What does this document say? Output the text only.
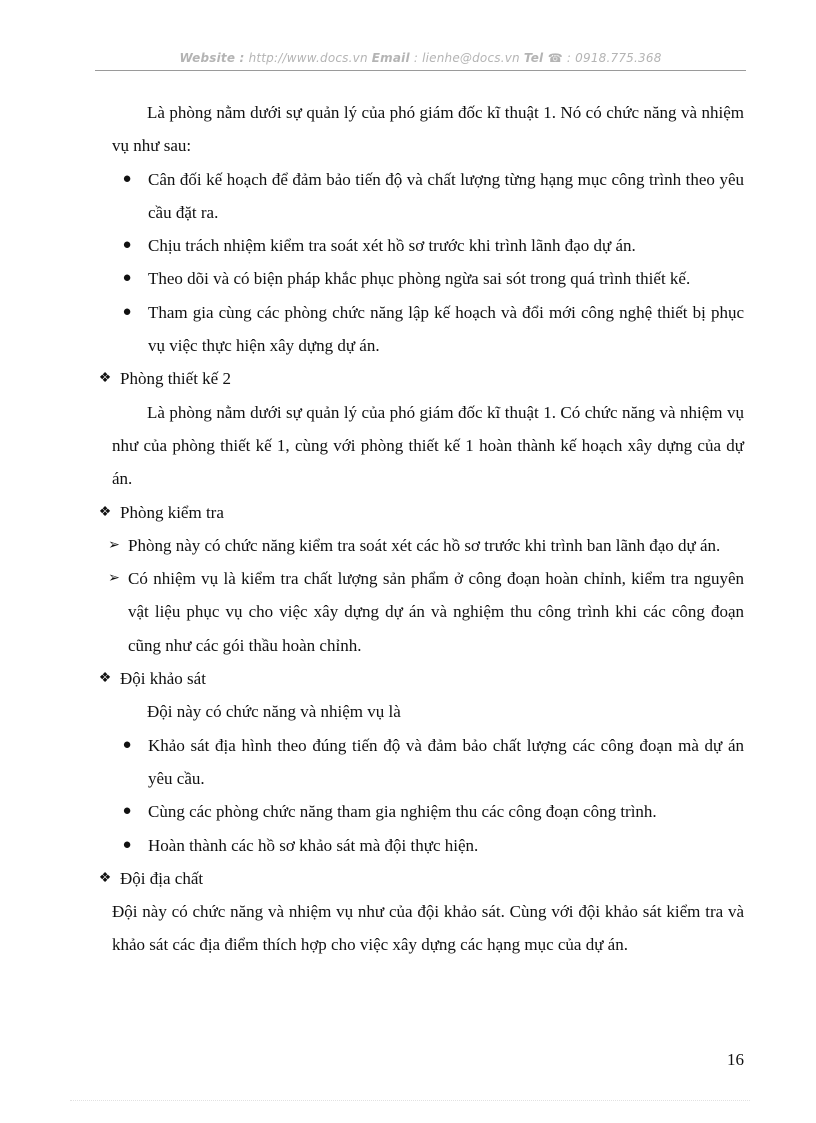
Website : http://www.docs.vn Email : lienhe@docs.vn Tel ☎ : 0918.775.368

Là phòng nằm dưới sự quản lý của phó giám đốc kĩ thuật 1. Nó có chức năng và nhiệm vụ như sau:

● Cân đối kế hoạch để đảm bảo tiến độ và chất lượng từng hạng mục công trình theo yêu cầu đặt ra.

● Chịu trách nhiệm kiểm tra soát xét hồ sơ trước khi trình lãnh đạo dự án.

● Theo dõi và có biện pháp khắc phục phòng ngừa sai sót trong quá trình thiết kế.

● Tham gia cùng các phòng chức năng lập kế hoạch và đổi mới công nghệ thiết bị phục vụ việc thực hiện xây dựng dự án.

❖ Phòng thiết kế 2

Là phòng nằm dưới sự quản lý của phó giám đốc kĩ thuật 1. Có chức năng và nhiệm vụ như của phòng thiết kế 1, cùng với phòng thiết kế 1 hoàn thành kế hoạch xây dựng của dự án.

❖ Phòng kiểm tra

➢ Phòng này có chức năng kiểm tra soát xét các hồ sơ trước khi trình ban lãnh đạo dự án.

➢ Có nhiệm vụ là kiểm tra chất lượng sản phẩm ở công đoạn hoàn chỉnh, kiểm tra nguyên vật liệu phục vụ cho việc xây dựng dự án và nghiệm thu công trình khi các công đoạn cũng như các gói thầu hoàn chỉnh.

❖ Đội khảo sát

Đội này có chức năng và nhiệm vụ là

● Khảo sát địa hình theo đúng tiến độ và đảm bảo chất lượng các công đoạn mà dự án yêu cầu.

● Cùng các phòng chức năng tham gia nghiệm thu các công đoạn công trình.

● Hoàn thành các hồ sơ khảo sát mà đội thực hiện.

❖ Đội địa chất

Đội này có chức năng và nhiệm vụ như của đội khảo sát. Cùng với đội khảo sát kiểm tra và khảo sát các địa điểm thích hợp cho việc xây dựng các hạng mục của dự án.

16
